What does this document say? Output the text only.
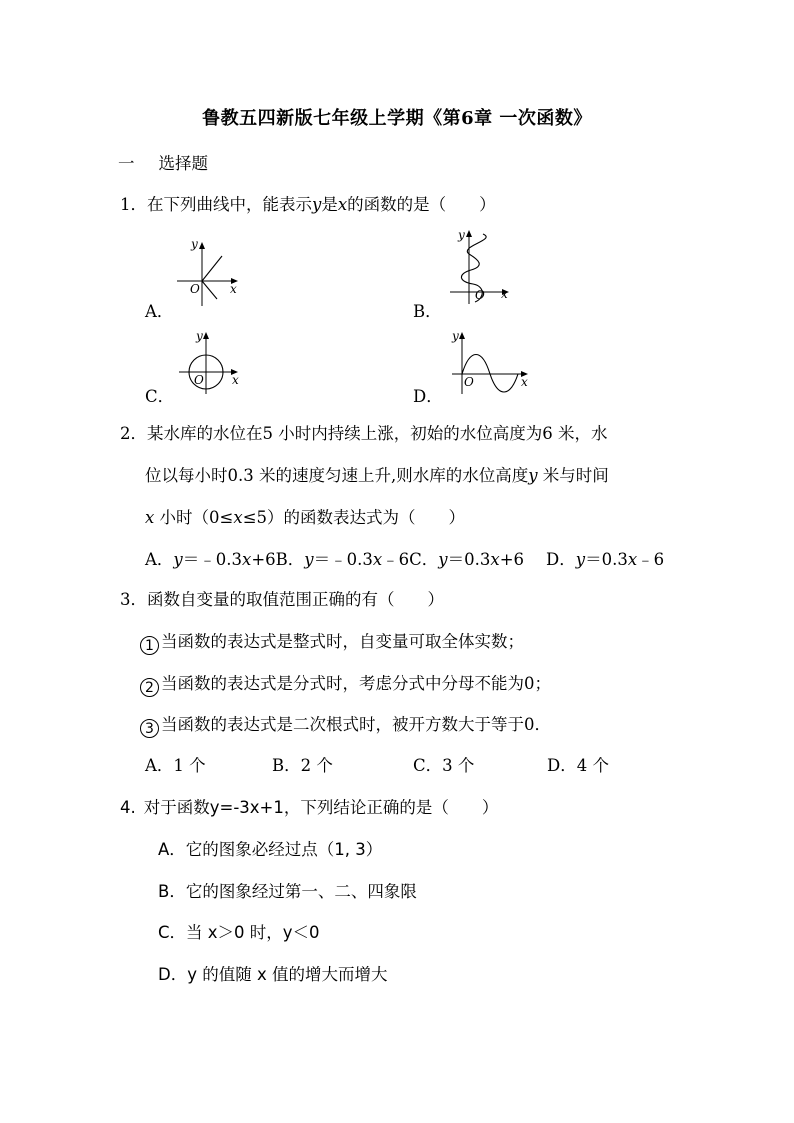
鲁教五四新版七年级上学期《第6章 一次函数》
一 选择题
1．在下列曲线中，能表示y是x的函数的是（　　）
A．	B．
C．	D．
y
x
O
y
x
O
y
x
O
y
x
O
2．某水库的水位在5 小时内持续上涨，初始的水位高度为6 米，水
位以每小时0.3 米的速度匀速上升,则水库的水位高度y 米与时间
x 小时（0≤x≤5）的函数表达式为（　　）
A．y＝﹣0.3x+6B．y＝﹣0.3x﹣6C．y＝0.3x+6 D．y＝0.3x﹣6
3．函数自变量的取值范围正确的有（　　）
1 当函数的表达式是整式时，自变量可取全体实数；
2 当函数的表达式是分式时，考虑分式中分母不能为0；
3 当函数的表达式是二次根式时，被开方数大于等于0．
A．1 个	B．2 个	C．3 个	D．4 个
4. 对于函数y=-3x+1，下列结论正确的是（　　）
A．它的图象必经过点（1, 3）
B．它的图象经过第一、二、四象限
C．当 x＞0 时，y＜0
D．y 的值随 x 值的增大而增大
